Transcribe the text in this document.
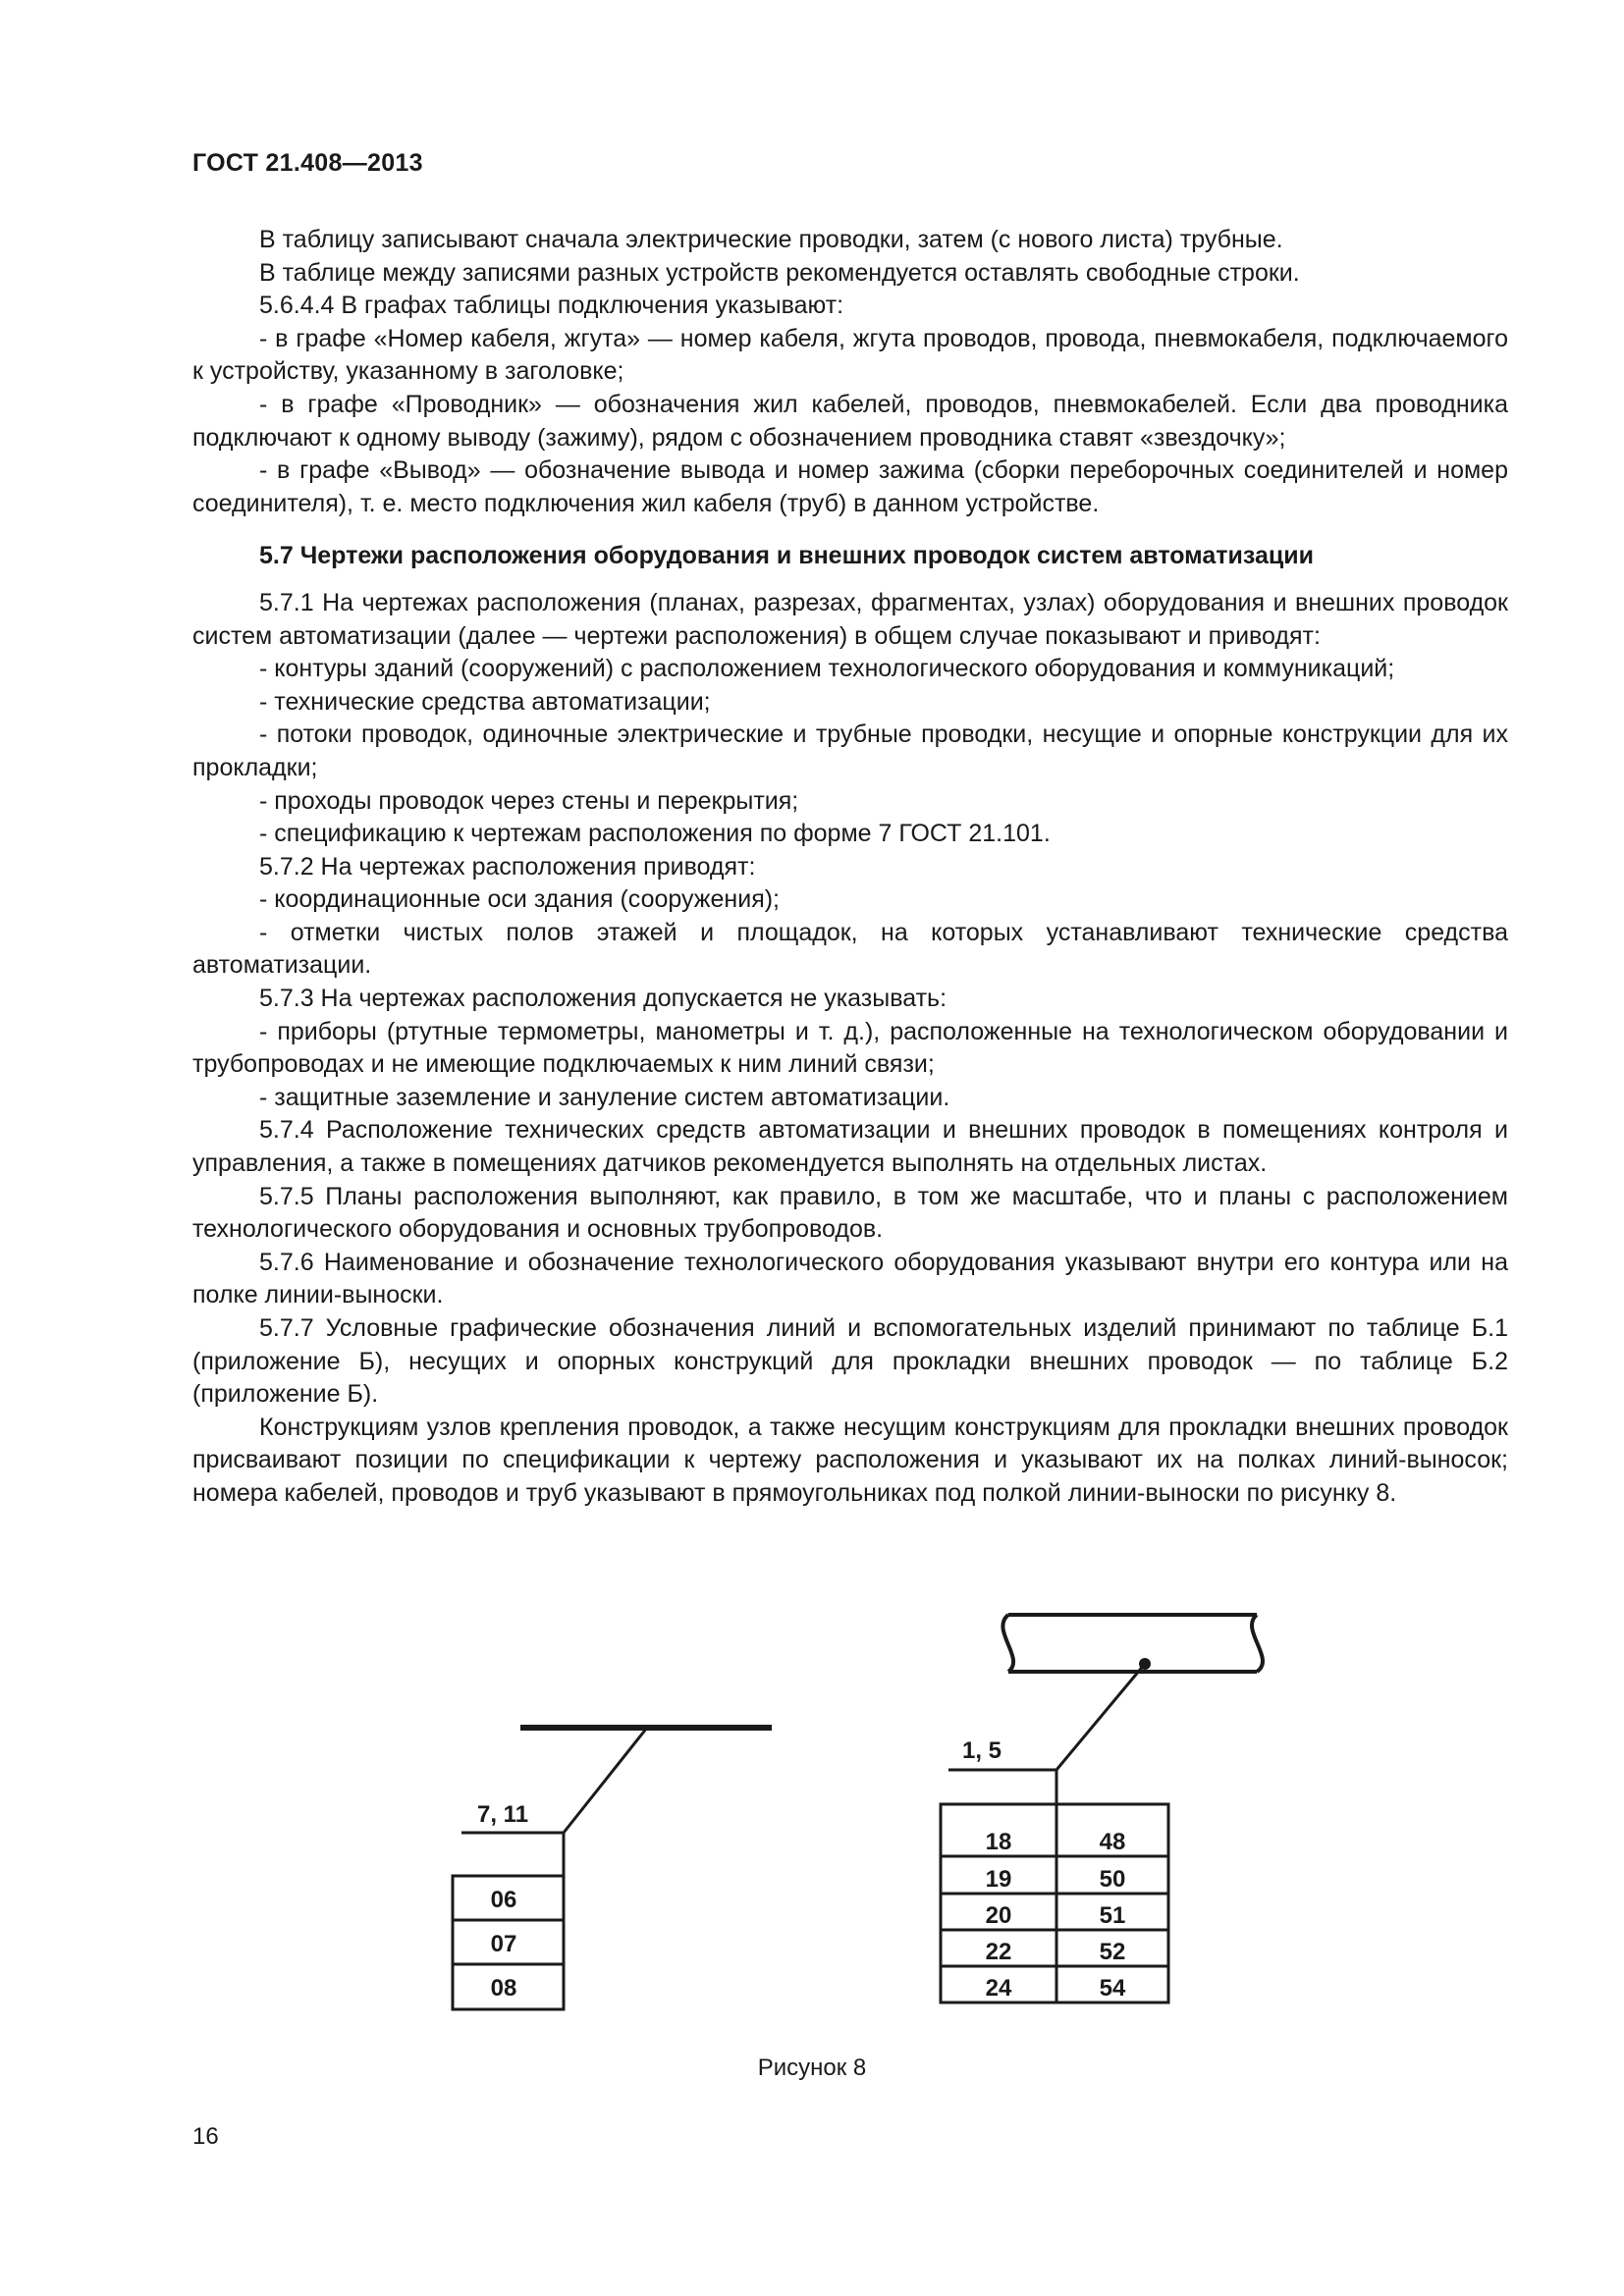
ГОСТ 21.408—2013

В таблицу записывают сначала электрические проводки, затем (с нового листа) трубные.

В таблице между записями разных устройств рекомендуется оставлять свободные строки.

5.6.4.4 В графах таблицы подключения указывают:

- в графе «Номер кабеля, жгута» — номер кабеля, жгута проводов, провода, пневмокабеля, подключаемого к устройству, указанному в заголовке;

- в графе «Проводник» — обозначения жил кабелей, проводов, пневмокабелей. Если два проводника подключают к одному выводу (зажиму), рядом с обозначением проводника ставят «звездочку»;

- в графе «Вывод» — обозначение вывода и номер зажима (сборки переборочных соединителей и номер соединителя), т. е. место подключения жил кабеля (труб) в данном устройстве.

5.7 Чертежи расположения оборудования и внешних проводок систем автоматизации

5.7.1 На чертежах расположения (планах, разрезах, фрагментах, узлах) оборудования и внешних проводок систем автоматизации (далее — чертежи расположения) в общем случае показывают и приводят:

- контуры зданий (сооружений) с расположением технологического оборудования и коммуникаций;

- технические средства автоматизации;

- потоки проводок, одиночные электрические и трубные проводки, несущие и опорные конструкции для их прокладки;

- проходы проводок через стены и перекрытия;

- спецификацию к чертежам расположения по форме 7 ГОСТ 21.101.

5.7.2 На чертежах расположения приводят:

- координационные оси здания (сооружения);

- отметки чистых полов этажей и площадок, на которых устанавливают технические средства автоматизации.

5.7.3 На чертежах расположения допускается не указывать:

- приборы (ртутные термометры, манометры и т. д.), расположенные на технологическом оборудовании и трубопроводах и не имеющие подключаемых к ним линий связи;

- защитные заземление и зануление систем автоматизации.

5.7.4 Расположение технических средств автоматизации и внешних проводок в помещениях контроля и управления, а также в помещениях датчиков рекомендуется выполнять на отдельных листах.

5.7.5 Планы расположения выполняют, как правило, в том же масштабе, что и планы с расположением технологического оборудования и основных трубопроводов.

5.7.6 Наименование и обозначение технологического оборудования указывают внутри его контура или на полке линии-выноски.

5.7.7 Условные графические обозначения линий и вспомогательных изделий принимают по таблице Б.1 (приложение Б), несущих и опорных конструкций для прокладки внешних проводок — по таблице Б.2 (приложение Б).

Конструкциям узлов крепления проводок, а также несущим конструкциям для прокладки внешних проводок присваивают позиции по спецификации к чертежу расположения и указывают их на полках линий-выносок; номера кабелей, проводов и труб указывают в прямоугольниках под полкой линии-выноски по рисунку 8.

7, 11
06
07
08
1, 5
18	48
19	50
20	51
22	52
24	54
Рисунок 8
16
